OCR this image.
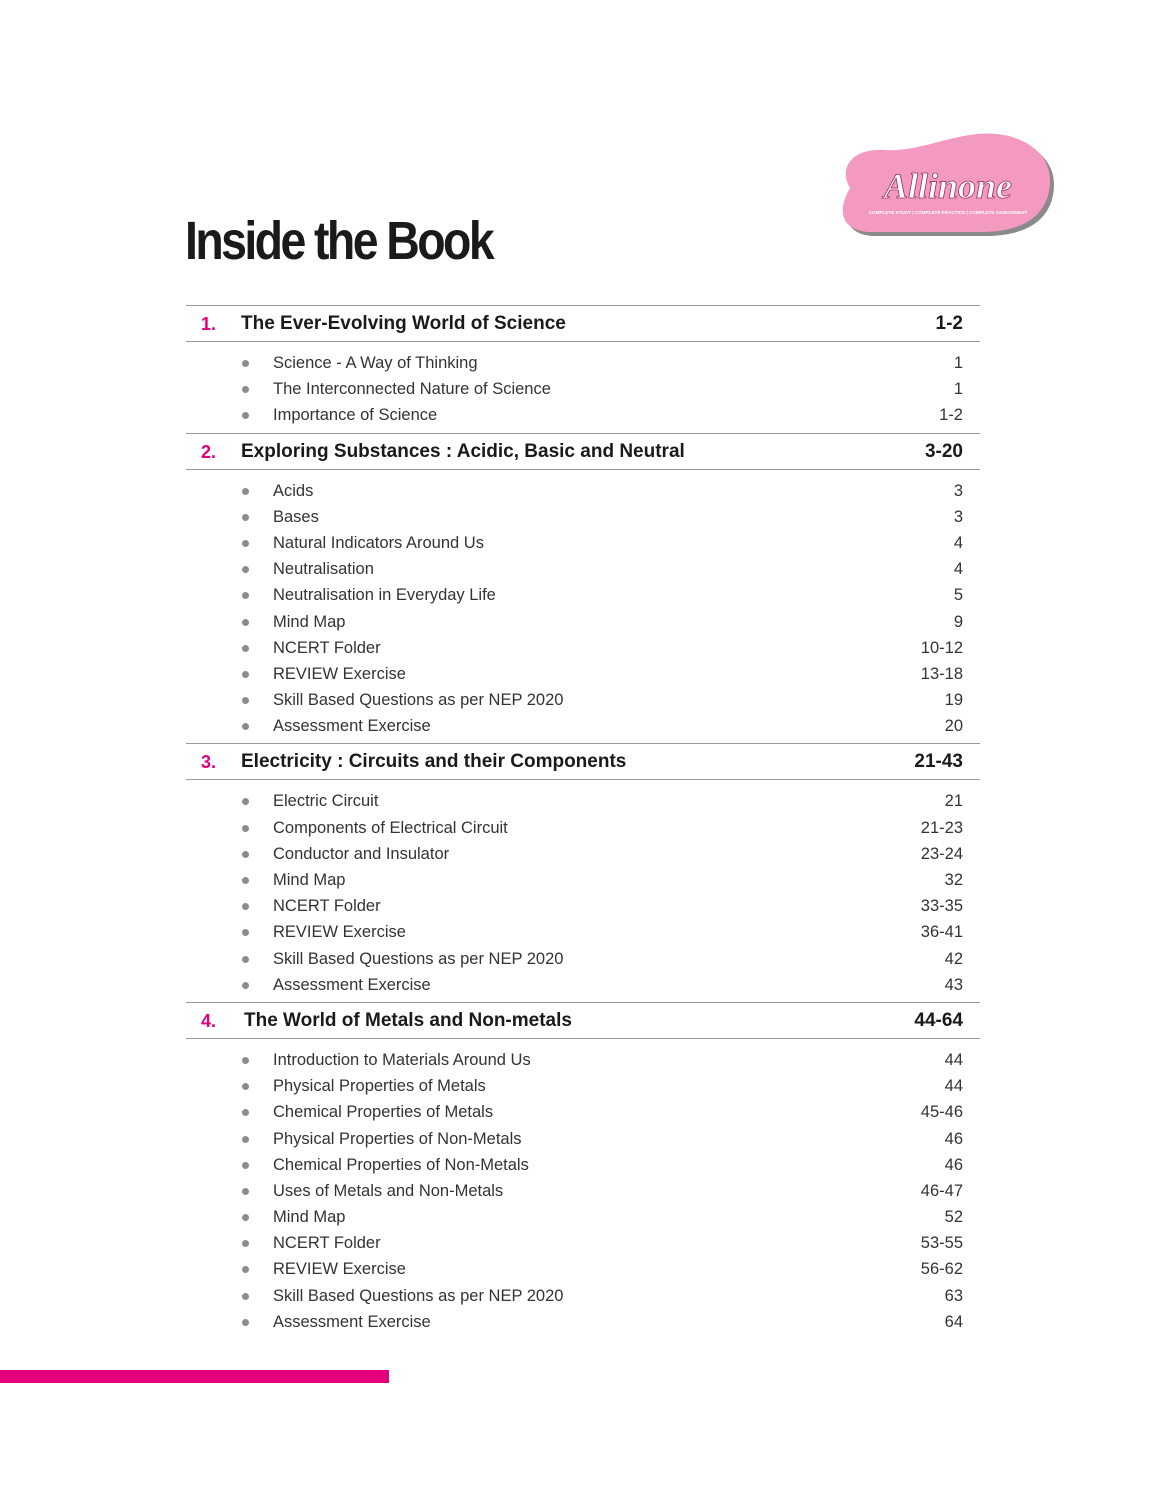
Inside the Book
Allinone
COMPLETE STUDY | COMPLETE PRACTICE | COMPLETE ASSESSMENT
1. The Ever-Evolving World of Science	1-2
Science - A Way of Thinking	1
The Interconnected Nature of Science	1
Importance of Science	1-2
2. Exploring Substances : Acidic, Basic and Neutral	3-20
Acids	3
Bases	3
Natural Indicators Around Us	4
Neutralisation	4
Neutralisation in Everyday Life	5
Mind Map	9
NCERT Folder	10-12
REVIEW Exercise	13-18
Skill Based Questions as per NEP 2020	19
Assessment Exercise	20
3. Electricity : Circuits and their Components	21-43
Electric Circuit	21
Components of Electrical Circuit	21-23
Conductor and Insulator	23-24
Mind Map	32
NCERT Folder	33-35
REVIEW Exercise	36-41
Skill Based Questions as per NEP 2020	42
Assessment Exercise	43
4. The World of Metals and Non-metals	44-64
Introduction to Materials Around Us	44
Physical Properties of Metals	44
Chemical Properties of Metals	45-46
Physical Properties of Non-Metals	46
Chemical Properties of Non-Metals	46
Uses of Metals and Non-Metals	46-47
Mind Map	52
NCERT Folder	53-55
REVIEW Exercise	56-62
Skill Based Questions as per NEP 2020	63
Assessment Exercise	64
